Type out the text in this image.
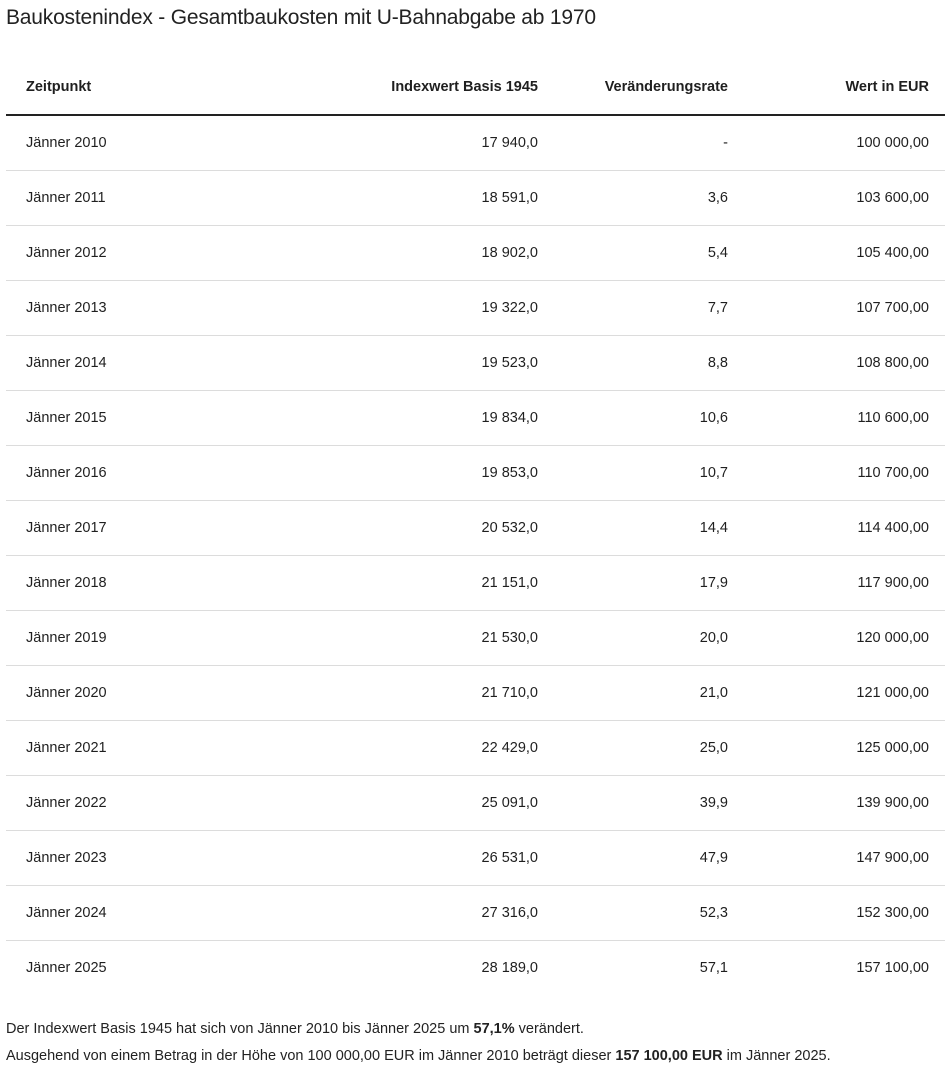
Baukostenindex - Gesamtbaukosten mit U-Bahnabgabe ab 1970
Zeitpunkt	Indexwert Basis 1945	Veränderungsrate	Wert in EUR
Jänner 2010	17 940,0	-	100 000,00
Jänner 2011	18 591,0	3,6	103 600,00
Jänner 2012	18 902,0	5,4	105 400,00
Jänner 2013	19 322,0	7,7	107 700,00
Jänner 2014	19 523,0	8,8	108 800,00
Jänner 2015	19 834,0	10,6	110 600,00
Jänner 2016	19 853,0	10,7	110 700,00
Jänner 2017	20 532,0	14,4	114 400,00
Jänner 2018	21 151,0	17,9	117 900,00
Jänner 2019	21 530,0	20,0	120 000,00
Jänner 2020	21 710,0	21,0	121 000,00
Jänner 2021	22 429,0	25,0	125 000,00
Jänner 2022	25 091,0	39,9	139 900,00
Jänner 2023	26 531,0	47,9	147 900,00
Jänner 2024	27 316,0	52,3	152 300,00
Jänner 2025	28 189,0	57,1	157 100,00
Der Indexwert Basis 1945 hat sich von Jänner 2010 bis Jänner 2025 um 57,1% verändert.
Ausgehend von einem Betrag in der Höhe von 100 000,00 EUR im Jänner 2010 beträgt dieser 157 100,00 EUR im Jänner 2025.
